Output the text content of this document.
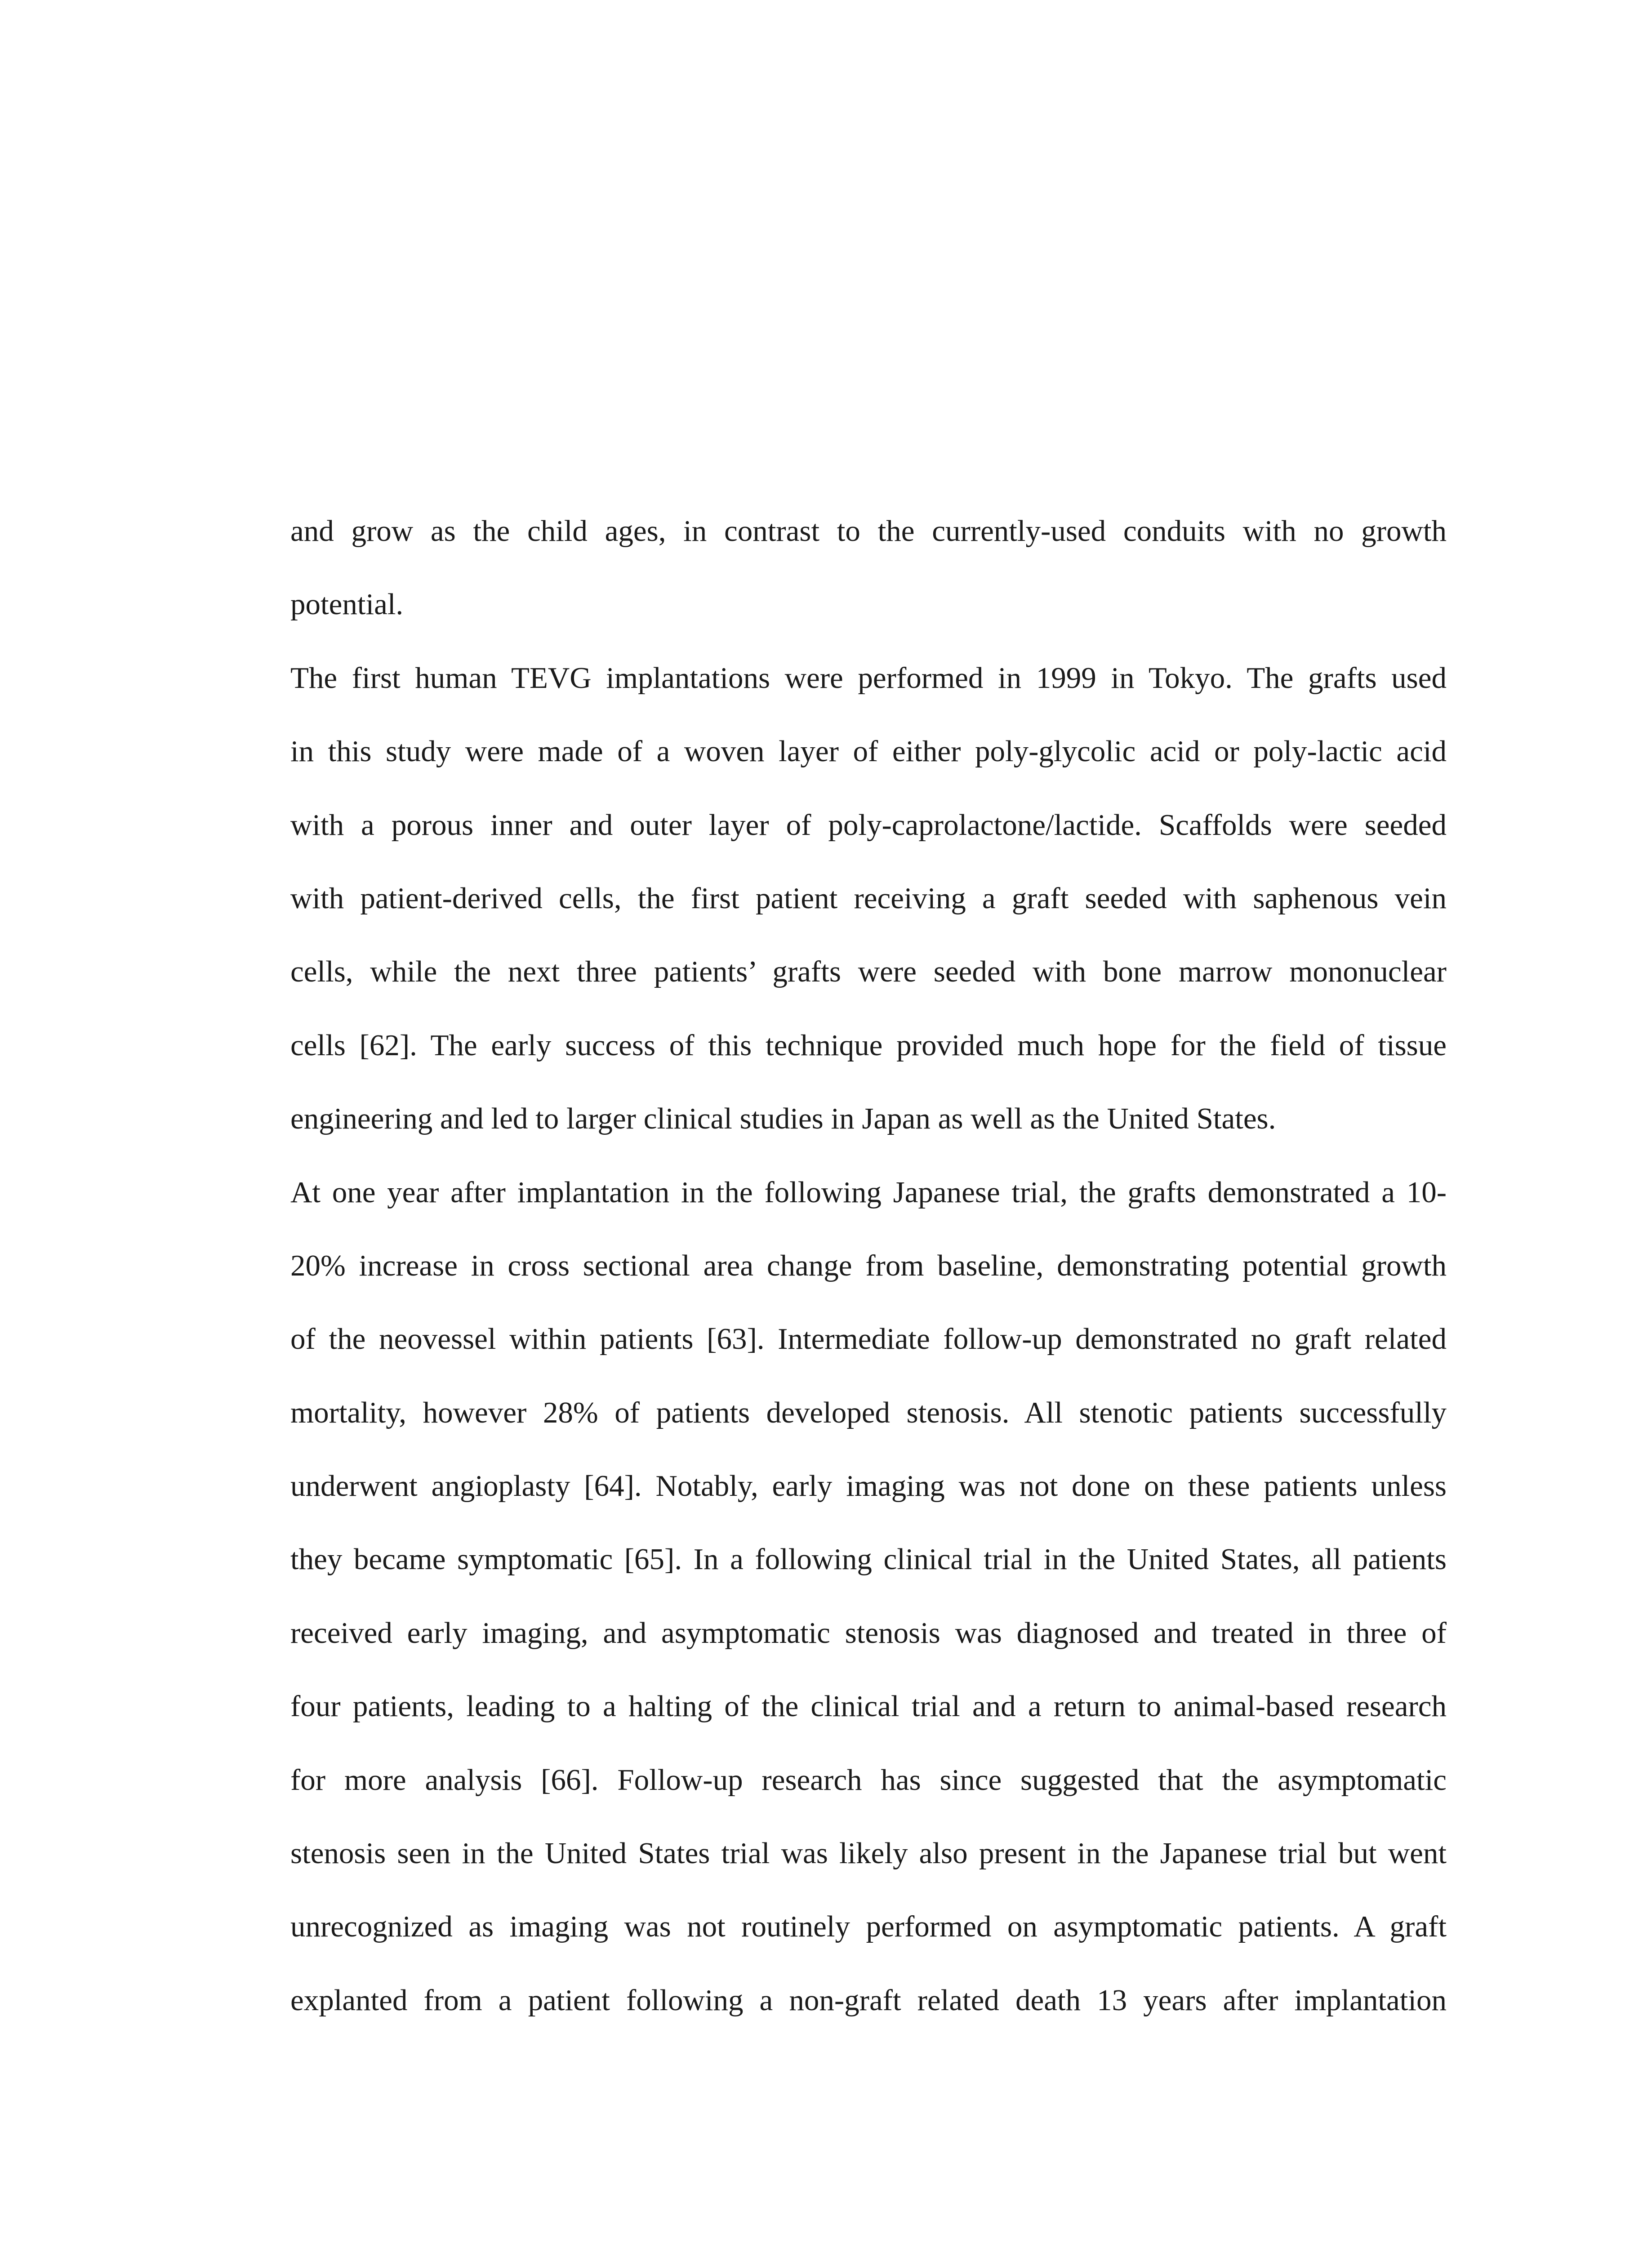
and grow as the child ages, in contrast to the currently-used conduits with no growth
potential.
The first human TEVG implantations were performed in 1999 in Tokyo. The grafts used
in this study were made of a woven layer of either poly-glycolic acid or poly-lactic acid
with a porous inner and outer layer of poly-caprolactone/lactide. Scaffolds were seeded
with patient-derived cells, the first patient receiving a graft seeded with saphenous vein
cells, while the next three patients’ grafts were seeded with bone marrow mononuclear
cells [62]. The early success of this technique provided much hope for the field of tissue
engineering and led to larger clinical studies in Japan as well as the United States.
At one year after implantation in the following Japanese trial, the grafts demonstrated a 10-
20% increase in cross sectional area change from baseline, demonstrating potential growth
of the neovessel within patients [63]. Intermediate follow-up demonstrated no graft related
mortality, however 28% of patients developed stenosis. All stenotic patients successfully
underwent angioplasty [64]. Notably, early imaging was not done on these patients unless
they became symptomatic [65]. In a following clinical trial in the United States, all patients
received early imaging, and asymptomatic stenosis was diagnosed and treated in three of
four patients, leading to a halting of the clinical trial and a return to animal-based research
for more analysis [66]. Follow-up research has since suggested that the asymptomatic
stenosis seen in the United States trial was likely also present in the Japanese trial but went
unrecognized as imaging was not routinely performed on asymptomatic patients. A graft
explanted from a patient following a non-graft related death 13 years after implantation
